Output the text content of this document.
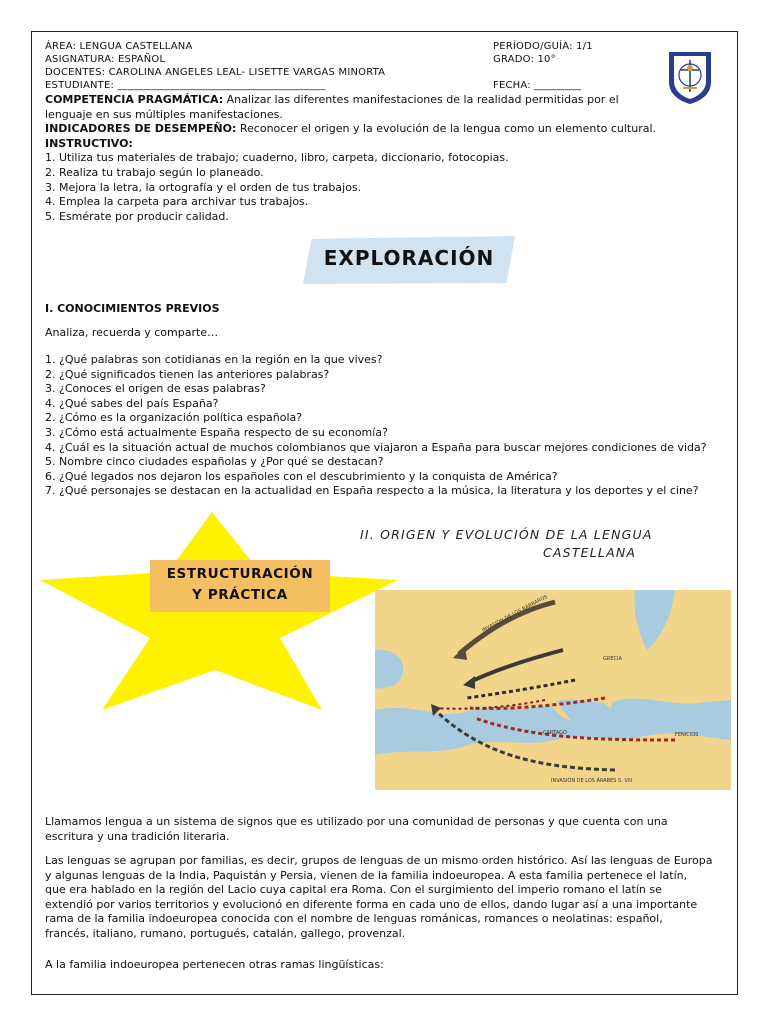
ÁREA: LENGUA CASTELLANA
ASIGNATURA: ESPAÑOL
DOCENTES: CAROLINA ANGELES LEAL- LISETTE VARGAS MINORTA
ESTUDIANTE: ________________________________________
PERÍODO/GUÍA: 1/1
GRADO: 10°
FECHA: _________

COMPETENCIA PRAGMÁTICA: Analizar las diferentes manifestaciones de la realidad permitidas por el

lenguaje en sus múltiples manifestaciones.

INDICADORES DE DESEMPEÑO: Reconocer el origen y la evolución de la lengua como un elemento cultural.

INSTRUCTIVO:

1. Utiliza tus materiales de trabajo; cuaderno, libro, carpeta, diccionario, fotocopias.

2. Realiza tu trabajo según lo planeado.

3. Mejora la letra, la ortografía y el orden de tus trabajos.

4. Emplea la carpeta para archivar tus trabajos.

5. Esmérate por producir calidad.

EXPLORACIÓN

I. CONOCIMIENTOS PREVIOS

Analiza, recuerda y comparte…

1. ¿Qué palabras son cotidianas en la región en la que vives?

2. ¿Qué significados tienen las anteriores palabras?

3. ¿Conoces el origen de esas palabras?

4. ¿Qué sabes del país España?

2. ¿Cómo es la organización política española?

3. ¿Cómo está actualmente España respecto de su economía?

4. ¿Cuál es la situación actual de muchos colombianos que viajaron a España para buscar mejores condiciones de vida?

5. Nombre cinco ciudades españolas y ¿Por qué se destacan?

6. ¿Qué legados nos dejaron los españoles con el descubrimiento y la conquista de América?

7. ¿Qué personajes se destacan en la actualidad en España respecto a la música, la literatura y los deportes y el cine?

ESTRUCTURACIÓN
Y PRÁCTICA
II. ORIGEN Y EVOLUCIÓN DE LA LENGUA
CASTELLANA
INVASIÓN DE LOS BÁRBAROS
GRECIA
CARTAGO	FENICIOS
INVASIÓN DE LOS ÁRABES S. VIII
Llamamos lengua a un sistema de signos que es utilizado por una comunidad de personas y que cuenta con una
escritura y una tradición literaria.
Las lenguas se agrupan por familias, es decir, grupos de lenguas de un mismo orden histórico. Así las lenguas de Europa
y algunas lenguas de la India, Paquistán y Persia, vienen de la familia indoeuropea. A esta familia pertenece el latín,
que era hablado en la región del Lacio cuya capital era Roma. Con el surgimiento del imperio romano el latín se
extendió por varios territorios y evolucionó en diferente forma en cada uno de ellos, dando lugar así a una importante
rama de la familia indoeuropea conocida con el nombre de lenguas románicas, romances o neolatinas: español,
francés, italiano, rumano, portugués, catalán, gallego, provenzal.
A la familia indoeuropea pertenecen otras ramas lingüísticas:
